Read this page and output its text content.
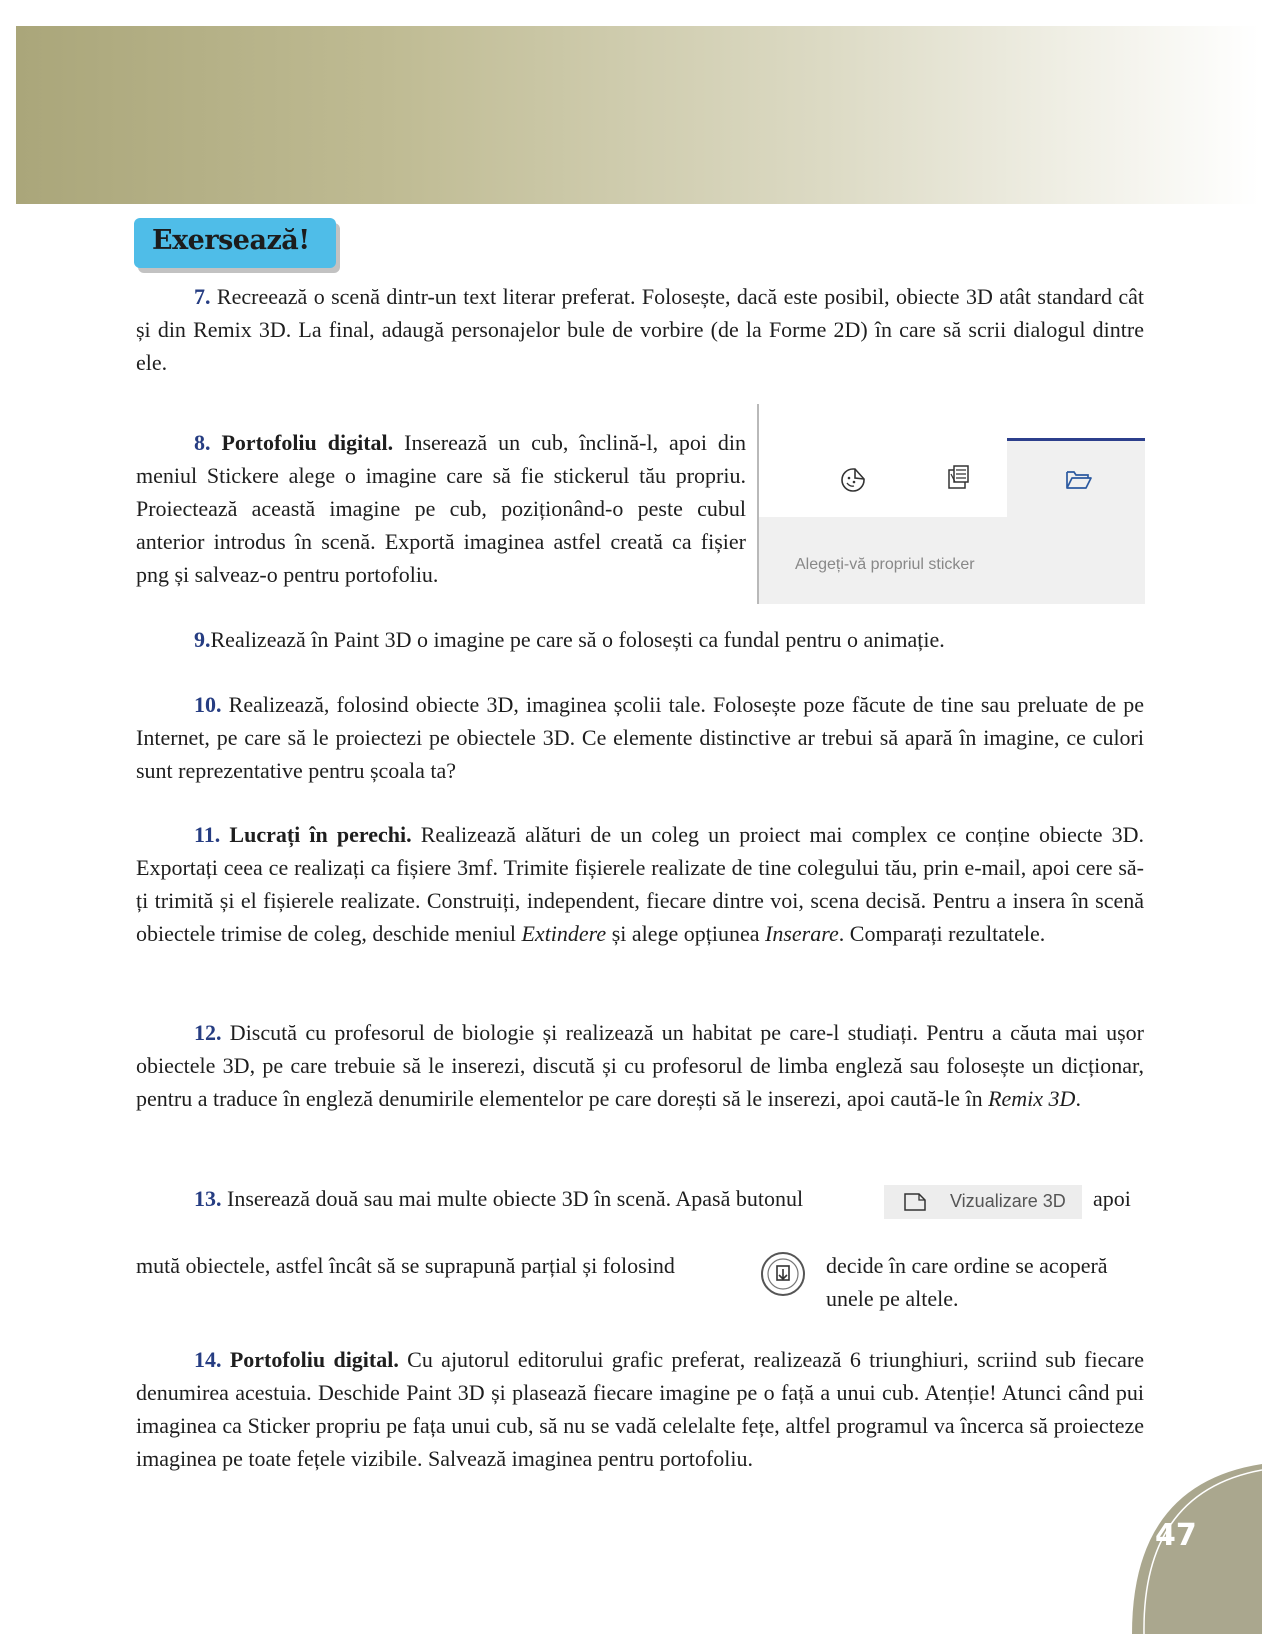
Exersează!

7. Recreează o scenă dintr-un text literar preferat. Folosește, dacă este posibil, obiecte 3D atât standard cât și din Remix 3D. La final, adaugă personajelor bule de vorbire (de la Forme 2D) în care să scrii dialogul dintre ele.

8. Portofoliu digital. Inserează un cub, înclină-l, apoi din meniul Stickere alege o imagine care să fie stickerul tău propriu. Proiectează această imagine pe cub, poziționând-o peste cubul anterior introdus în scenă. Exportă imaginea astfel creată ca fișier png și salveaz-o pentru portofoliu.	Alegeți-vă propriul sticker

9.Realizează în Paint 3D o imagine pe care să o folosești ca fundal pentru o animație.

10. Realizează, folosind obiecte 3D, imaginea școlii tale. Folosește poze făcute de tine sau preluate de pe Internet, pe care să le proiectezi pe obiectele 3D. Ce elemente distinctive ar trebui să apară în imagine, ce culori sunt reprezentative pentru școala ta?

11. Lucrați în perechi. Realizează alături de un coleg un proiect mai complex ce conține obiecte 3D. Exportați ceea ce realizați ca fișiere 3mf. Trimite fișierele realizate de tine colegului tău, prin e-mail, apoi cere să-ți trimită și el fișierele realizate. Construiți, independent, fiecare dintre voi, scena decisă. Pentru a insera în scenă obiectele trimise de coleg, deschide meniul Extindere și alege opțiunea Inserare. Comparați rezultatele.

12. Discută cu profesorul de biologie și realizează un habitat pe care-l studiați. Pentru a căuta mai ușor obiectele 3D, pe care trebuie să le inserezi, discută și cu profesorul de limba engleză sau folosește un dicționar, pentru a traduce în engleză denumirile elementelor pe care dorești să le inserezi, apoi caută-le în Remix 3D.

13. Inserează două sau mai multe obiecte 3D în scenă. Apasă butonul	Vizualizare 3D apoi
mută obiectele, astfel încât să se suprapună parțial și folosind	decide în care ordine se acoperă unele pe altele.

14. Portofoliu digital. Cu ajutorul editorului grafic preferat, realizează 6 triunghiuri, scriind sub fiecare denumirea acestuia. Deschide Paint 3D și plasează fiecare imagine pe o față a unui cub. Atenție! Atunci când pui imaginea ca Sticker propriu pe fața unui cub, să nu se vadă celelalte fețe, altfel programul va încerca să proiecteze imaginea pe toate fețele vizibile. Salvează imaginea pentru portofoliu.

47
